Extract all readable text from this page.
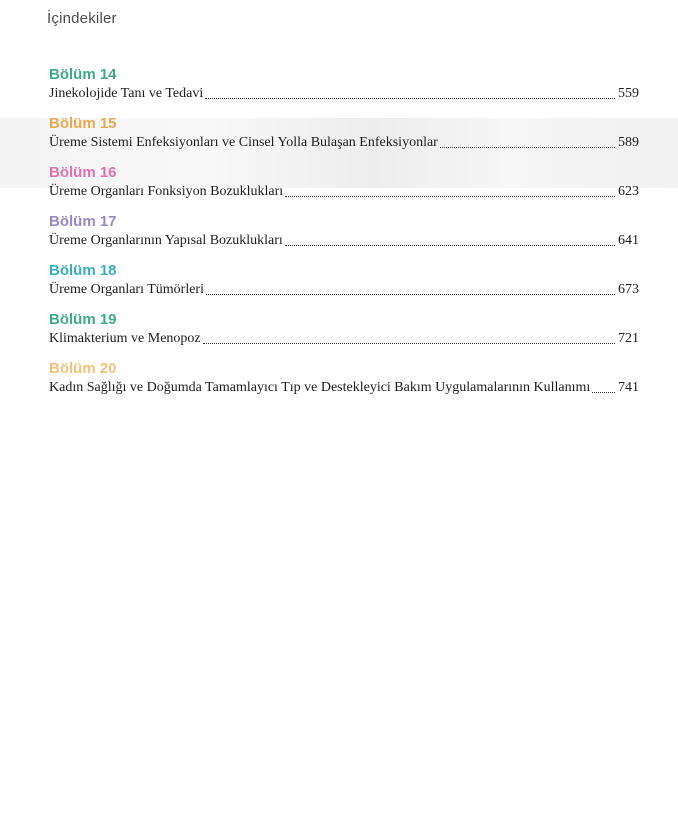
İçindekiler
Bölüm 14
Jinekolojide Tanı ve Tedavi	559
Bölüm 15
Üreme Sistemi Enfeksiyonları ve Cinsel Yolla Bulaşan Enfeksiyonlar	589
Bölüm 16
Üreme Organları Fonksiyon Bozuklukları	623
Bölüm 17
Üreme Organlarının Yapısal Bozuklukları	641
Bölüm 18
Üreme Organları Tümörleri	673
Bölüm 19
Klimakterium ve Menopoz	721
Bölüm 20
Kadın Sağlığı ve Doğumda Tamamlayıcı Tıp ve Destekleyici Bakım Uygulamalarının Kullanımı 741
